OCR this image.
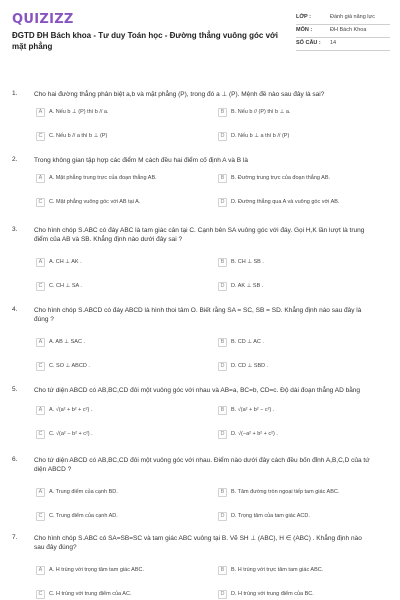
QUIZIZZ
ĐGTD ĐH Bách khoa - Tư duy Toán học - Đường thẳng vuông góc với mặt phẳng
LỚP :	Đánh giá năng lực
MÔN :	ĐH Bách Khoa
SỐ CÂU :	14
1.	Cho hai đường thẳng phân biệt a,b và mặt phẳng (P), trong đó a ⊥ (P). Mệnh đề nào sau đây là sai?
A	A. Nếu b ⊥ (P) thì b // a.	B	B. Nếu b // (P) thì b ⊥ a.
C	C. Nếu b // a thì b ⊥ (P)	D	D. Nếu b ⊥ a thì b // (P)
2.	Trong không gian tập hợp các điểm M cách đều hai điểm cố định A và B là
A	A. Mặt phẳng trung trực của đoạn thẳng AB.	B	B. Đường trung trực của đoạn thẳng AB.
C	C. Mặt phẳng vuông góc với AB tại A.	D	D. Đường thẳng qua A và vuông góc với AB.
3.	Cho hình chóp S.ABC có đáy ABC là tam giác cân tại C. Cạnh bên SA vuông góc với đáy. Gọi H,K lần lượt là trung điểm của AB và SB. Khẳng định nào dưới đây sai ?
A	A. CH ⊥ AK .	B	B. CH ⊥ SB .
C	C. CH ⊥ SA .	D	D. AK ⊥ SB .
4.	Cho hình chóp S.ABCD có đáy ABCD là hình thoi tâm O. Biết rằng SA = SC, SB = SD. Khẳng định nào sau đây là đúng ?
A	A. AB ⊥ SAC .	B	B. CD ⊥ AC .
C	C. SO ⊥ ABCD .	D	D. CD ⊥ SBD .
5.	Cho tứ diện ABCD có AB,BC,CD đôi một vuông góc với nhau và AB=a, BC=b, CD=c. Độ dài đoạn thẳng AD bằng
A	A. √(a² + b² + c²) .	B	B. √(a² + b² − c²) .
C	C. √(a² − b² + c²) .	D	D. √(−a² + b² + c²) .
6.	Cho tứ diện ABCD có AB,BC,CD đôi một vuông góc với nhau. Điểm nào dưới đây cách đều bốn đỉnh A,B,C,D của tứ diện ABCD ?
A	A. Trung điểm của cạnh BD.	B	B. Tâm đường tròn ngoại tiếp tam giác ABC.
C	C. Trung điểm của cạnh AD.	D	D. Trọng tâm của tam giác ACD.
7.	Cho hình chóp S.ABC có SA=SB=SC và tam giác ABC vuông tại B. Vẽ SH ⊥ (ABC), H ∈ (ABC) . Khẳng định nào sau đây đúng?
A	A. H trùng với trọng tâm tam giác ABC.	B	B. H trùng với trực tâm tam giác ABC.
C	C. H trùng với trung điểm của AC.	D	D. H trùng với trung điểm của BC.
